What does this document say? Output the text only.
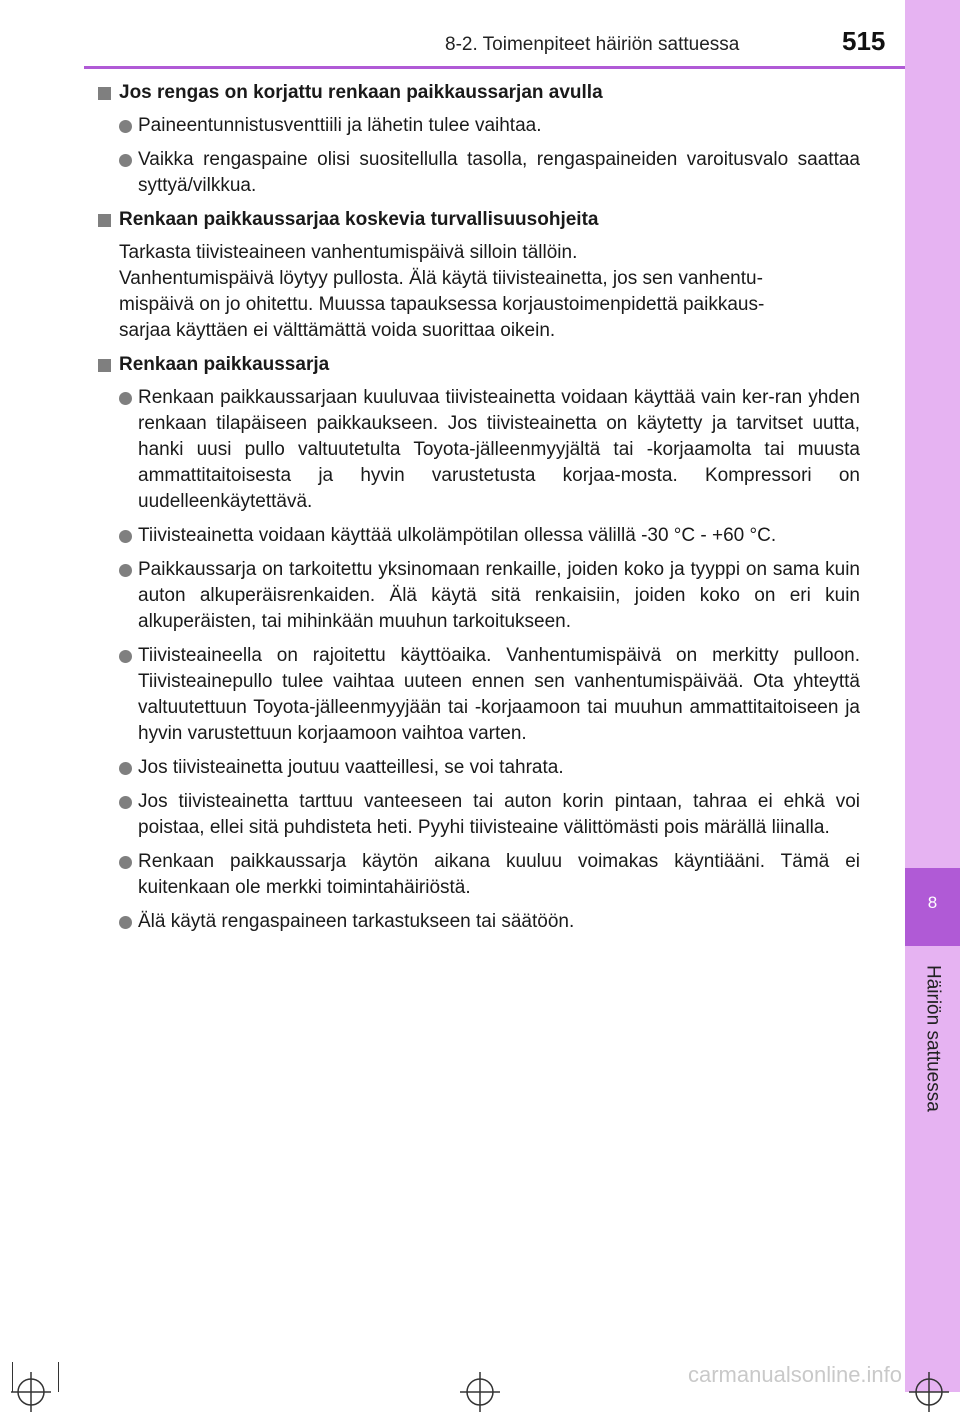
8
Häiriön sattuessa
8-2. Toimenpiteet häiriön sattuessa	515
Jos rengas on korjattu renkaan paikkaussarjan avulla
Paineentunnistusventtiili ja lähetin tulee vaihtaa.
Vaikka rengaspaine olisi suositellulla tasolla, rengaspaineiden varoitusvalo saattaa syttyä/vilkkua.
Renkaan paikkaussarjaa koskevia turvallisuusohjeita
Tarkasta tiivisteaineen vanhentumispäivä silloin tällöin.
Vanhentumispäivä löytyy pullosta. Älä käytä tiivisteainetta, jos sen vanhentu-
mispäivä on jo ohitettu. Muussa tapauksessa korjaustoimenpidettä paikkaus-
sarjaa käyttäen ei välttämättä voida suorittaa oikein.
Renkaan paikkaussarja
Renkaan paikkaussarjaan kuuluvaa tiivisteainetta voidaan käyttää vain ker-ran yhden renkaan tilapäiseen paikkaukseen. Jos tiivisteainetta on käytetty ja tarvitset uutta, hanki uusi pullo valtuutetulta Toyota-jälleenmyyjältä tai -korjaamolta tai muusta ammattitaitoisesta ja hyvin varustetusta korjaa-mosta. Kompressori on uudelleenkäytettävä.
Tiivisteainetta voidaan käyttää ulkolämpötilan ollessa välillä -30 °C - +60 °C.
Paikkaussarja on tarkoitettu yksinomaan renkaille, joiden koko ja tyyppi on sama kuin auton alkuperäisrenkaiden. Älä käytä sitä renkaisiin, joiden koko on eri kuin alkuperäisten, tai mihinkään muuhun tarkoitukseen.
Tiivisteaineella on rajoitettu käyttöaika. Vanhentumispäivä on merkitty pulloon. Tiivisteainepullo tulee vaihtaa uuteen ennen sen vanhentumispäivää. Ota yhteyttä valtuutettuun Toyota-jälleenmyyjään tai -korjaamoon tai muuhun ammattitaitoiseen ja hyvin varustettuun korjaamoon vaihtoa varten.
Jos tiivisteainetta joutuu vaatteillesi, se voi tahrata.
Jos tiivisteainetta tarttuu vanteeseen tai auton korin pintaan, tahraa ei ehkä voi poistaa, ellei sitä puhdisteta heti. Pyyhi tiivisteaine välittömästi pois märällä liinalla.
Renkaan paikkaussarja käytön aikana kuuluu voimakas käyntiääni. Tämä ei kuitenkaan ole merkki toimintahäiriöstä.
Älä käytä rengaspaineen tarkastukseen tai säätöön.
carmanualsonline.info
